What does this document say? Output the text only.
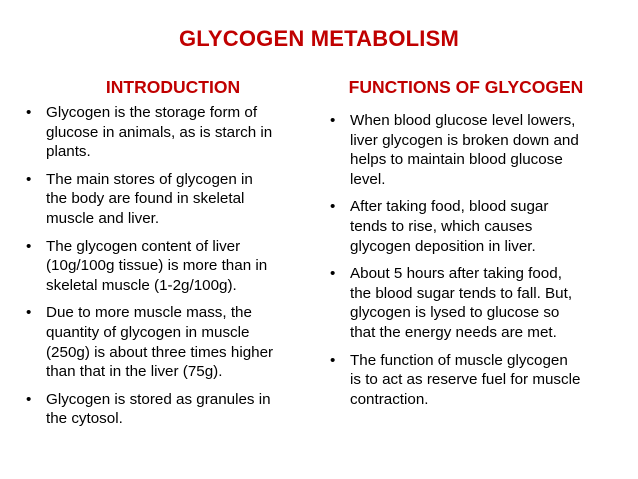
GLYCOGEN METABOLISM
INTRODUCTION	FUNCTIONS OF GLYCOGEN
• Glycogen is the storage form of
glucose in animals, as is starch in
plants.
• The main stores of glycogen in
the body are found in skeletal
muscle and liver.
• The glycogen content of liver
(10g/100g tissue) is more than in
skeletal muscle (1-2g/100g).
• Due to more muscle mass, the
quantity of glycogen in muscle
(250g) is about three times higher
than that in the liver (75g).
• Glycogen is stored as granules in
the cytosol.
• When blood glucose level lowers,
liver glycogen is broken down and
helps to maintain blood glucose
level.
• After taking food, blood sugar
tends to rise, which causes
glycogen deposition in liver.
• About 5 hours after taking food,
the blood sugar tends to fall. But,
glycogen is lysed to glucose so
that the energy needs are met.
• The function of muscle glycogen
is to act as reserve fuel for muscle
contraction.
